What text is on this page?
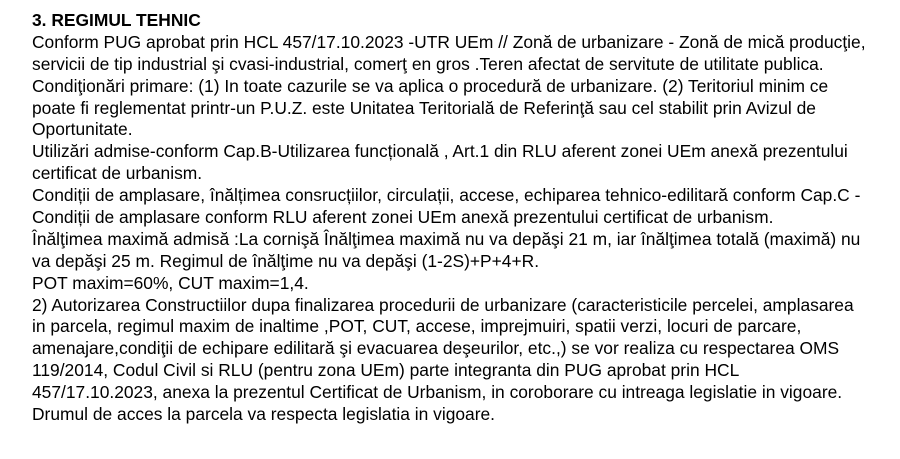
3. REGIMUL TEHNIC
Conform PUG aprobat prin HCL 457/17.10.2023 -UTR UEm // Zonă de urbanizare - Zonă de mică producţie,
servicii de tip industrial şi cvasi-industrial, comerţ en gros .Teren afectat de servitute de utilitate publica.
Condiţionări primare: (1) In toate cazurile se va aplica o procedură de urbanizare. (2) Teritoriul minim ce
poate fi reglementat printr-un P.U.Z. este Unitatea Teritorială de Referinţă sau cel stabilit prin Avizul de
Oportunitate.
Utilizări admise-conform Cap.B-Utilizarea funcțională , Art.1 din RLU aferent zonei UEm anexă prezentului
certificat de urbanism.
Condiții de amplasare, înălțimea consrucțiilor, circulații, accese, echiparea tehnico-edilitară conform Cap.C -
Condiții de amplasare conform RLU aferent zonei UEm anexă prezentului certificat de urbanism.
Înălţimea maximă admisă :La cornişă Înălţimea maximă nu va depăşi 21 m, iar înălţimea totală (maximă) nu
va depăşi 25 m. Regimul de înălţime nu va depăşi (1-2S)+P+4+R.
POT maxim=60%, CUT maxim=1,4.
2) Autorizarea Constructiilor dupa finalizarea procedurii de urbanizare (caracteristicile percelei, amplasarea
in parcela, regimul maxim de inaltime ,POT, CUT, accese, imprejmuiri, spatii verzi, locuri de parcare,
amenajare,condiţii de echipare edilitară şi evacuarea deşeurilor, etc.,) se vor realiza cu respectarea OMS
119/2014, Codul Civil si RLU (pentru zona UEm) parte integranta din PUG aprobat prin HCL
457/17.10.2023, anexa la prezentul Certificat de Urbanism, in coroborare cu intreaga legislatie in vigoare.
Drumul de acces la parcela va respecta legislatia in vigoare.
